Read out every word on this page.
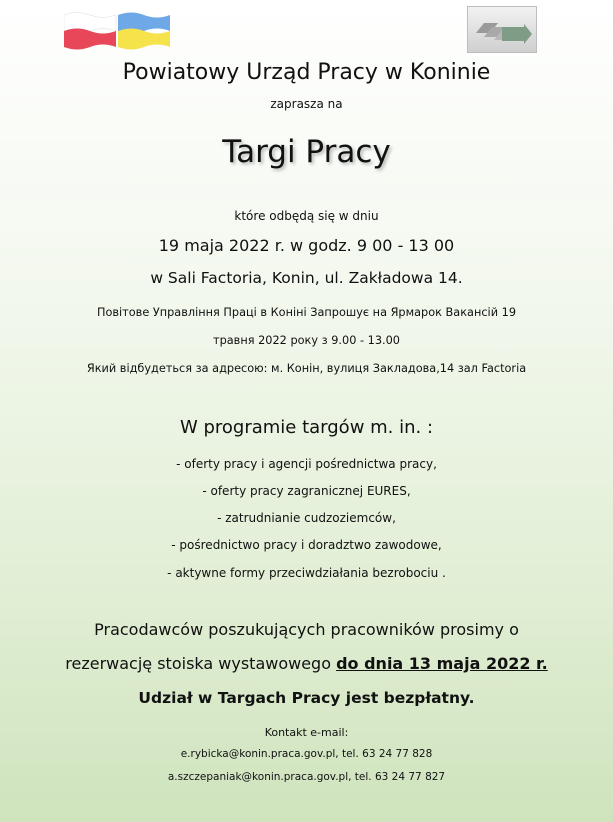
Powiatowy Urząd Pracy w Koninie
zaprasza na
Targi Pracy
które odbędą się w dniu
19 maja 2022 r. w godz. 9 00 - 13 00
w Sali Factoria, Konin, ul. Zakładowa 14.
Повітове Управління Праці в Коніні Запрошує на Ярмарок Вакансій 19
травня 2022 року з 9.00 - 13.00
Який відбудеться за адресою: м. Конін, вулиця Закладова,14 зал Factoria
W programie targów m. in. :
- oferty pracy i agencji pośrednictwa pracy,
- oferty pracy zagranicznej EURES,
- zatrudnianie cudzoziemców,
- pośrednictwo pracy i doradztwo zawodowe,
- aktywne formy przeciwdziałania bezrobociu .
Pracodawców poszukujących pracowników prosimy o
rezerwację stoiska wystawowego do dnia 13 maja 2022 r.
Udział w Targach Pracy jest bezpłatny.
Kontakt e-mail:
e.rybicka@konin.praca.gov.pl, tel. 63 24 77 828
a.szczepaniak@konin.praca.gov.pl, tel. 63 24 77 827
